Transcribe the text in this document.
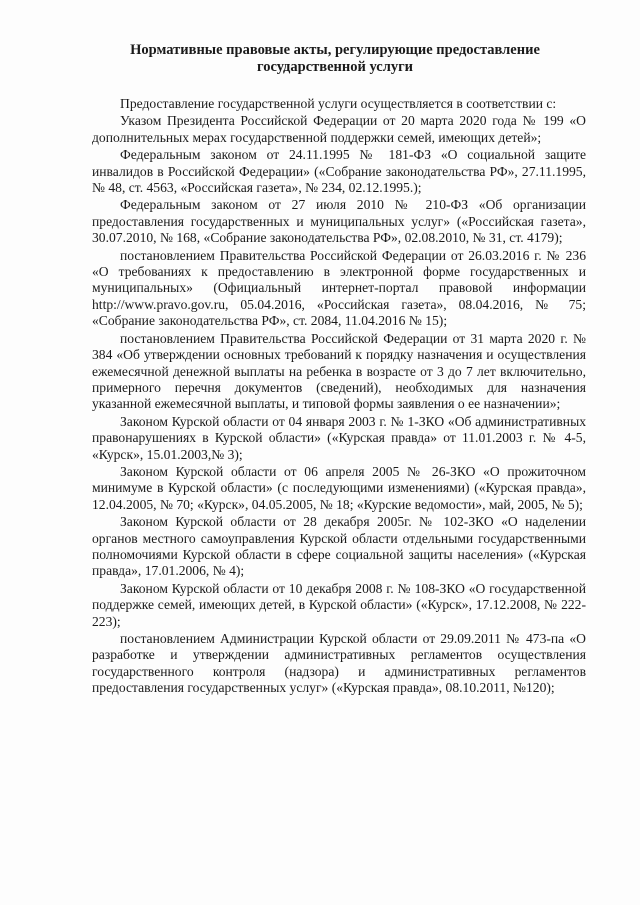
Нормативные правовые акты, регулирующие предоставление
государственной услуги

Предоставление государственной услуги осуществляется в соответствии с:

Указом Президента Российской Федерации от 20 марта 2020 года № 199 «О дополнительных мерах государственной поддержки семей, имеющих детей»;

Федеральным законом от 24.11.1995 № 181-ФЗ «О социальной защите инвалидов в Российской Федерации» («Собрание законодательства РФ», 27.11.1995, № 48, ст. 4563, «Российская газета», № 234, 02.12.1995.);

Федеральным законом от 27 июля 2010 № 210-ФЗ «Об организации предоставления государственных и муниципальных услуг» («Российская газета», 30.07.2010, № 168, «Собрание законодательства РФ», 02.08.2010, № 31, ст. 4179);

постановлением Правительства Российской Федерации от 26.03.2016 г. № 236 «О требованиях к предоставлению в электронной форме государственных и муниципальных» (Официальный интернет-портал правовой информации http://www.pravo.gov.ru, 05.04.2016, «Российская газета», 08.04.2016, № 75; «Собрание законодательства РФ», ст. 2084, 11.04.2016 № 15);

постановлением Правительства Российской Федерации от 31 марта 2020 г. № 384 «Об утверждении основных требований к порядку назначения и осуществления ежемесячной денежной выплаты на ребенка в возрасте от 3 до 7 лет включительно, примерного перечня документов (сведений), необходимых для назначения указанной ежемесячной выплаты, и типовой формы заявления о ее назначении»;

Законом Курской области от 04 января 2003 г. № 1-ЗКО «Об административных правонарушениях в Курской области» («Курская правда» от 11.01.2003 г. № 4-5, «Курск», 15.01.2003,№ 3);

Законом Курской области от 06 апреля 2005 № 26-ЗКО «О прожиточном минимуме в Курской области» (с последующими изменениями) («Курская правда», 12.04.2005, № 70; «Курск», 04.05.2005, № 18; «Курские ведомости», май, 2005, № 5);

Законом Курской области от 28 декабря 2005г. № 102-ЗКО «О наделении органов местного самоуправления Курской области отдельными государственными полномочиями Курской области в сфере социальной защиты населения» («Курская правда», 17.01.2006, № 4);

Законом Курской области от 10 декабря 2008 г. № 108-ЗКО «О государственной поддержке семей, имеющих детей, в Курской области» («Курск», 17.12.2008, № 222-223);

постановлением Администрации Курской области от 29.09.2011 № 473-па «О разработке и утверждении административных регламентов осуществления государственного контроля (надзора) и административных регламентов предоставления государственных услуг» («Курская правда», 08.10.2011, №120);
